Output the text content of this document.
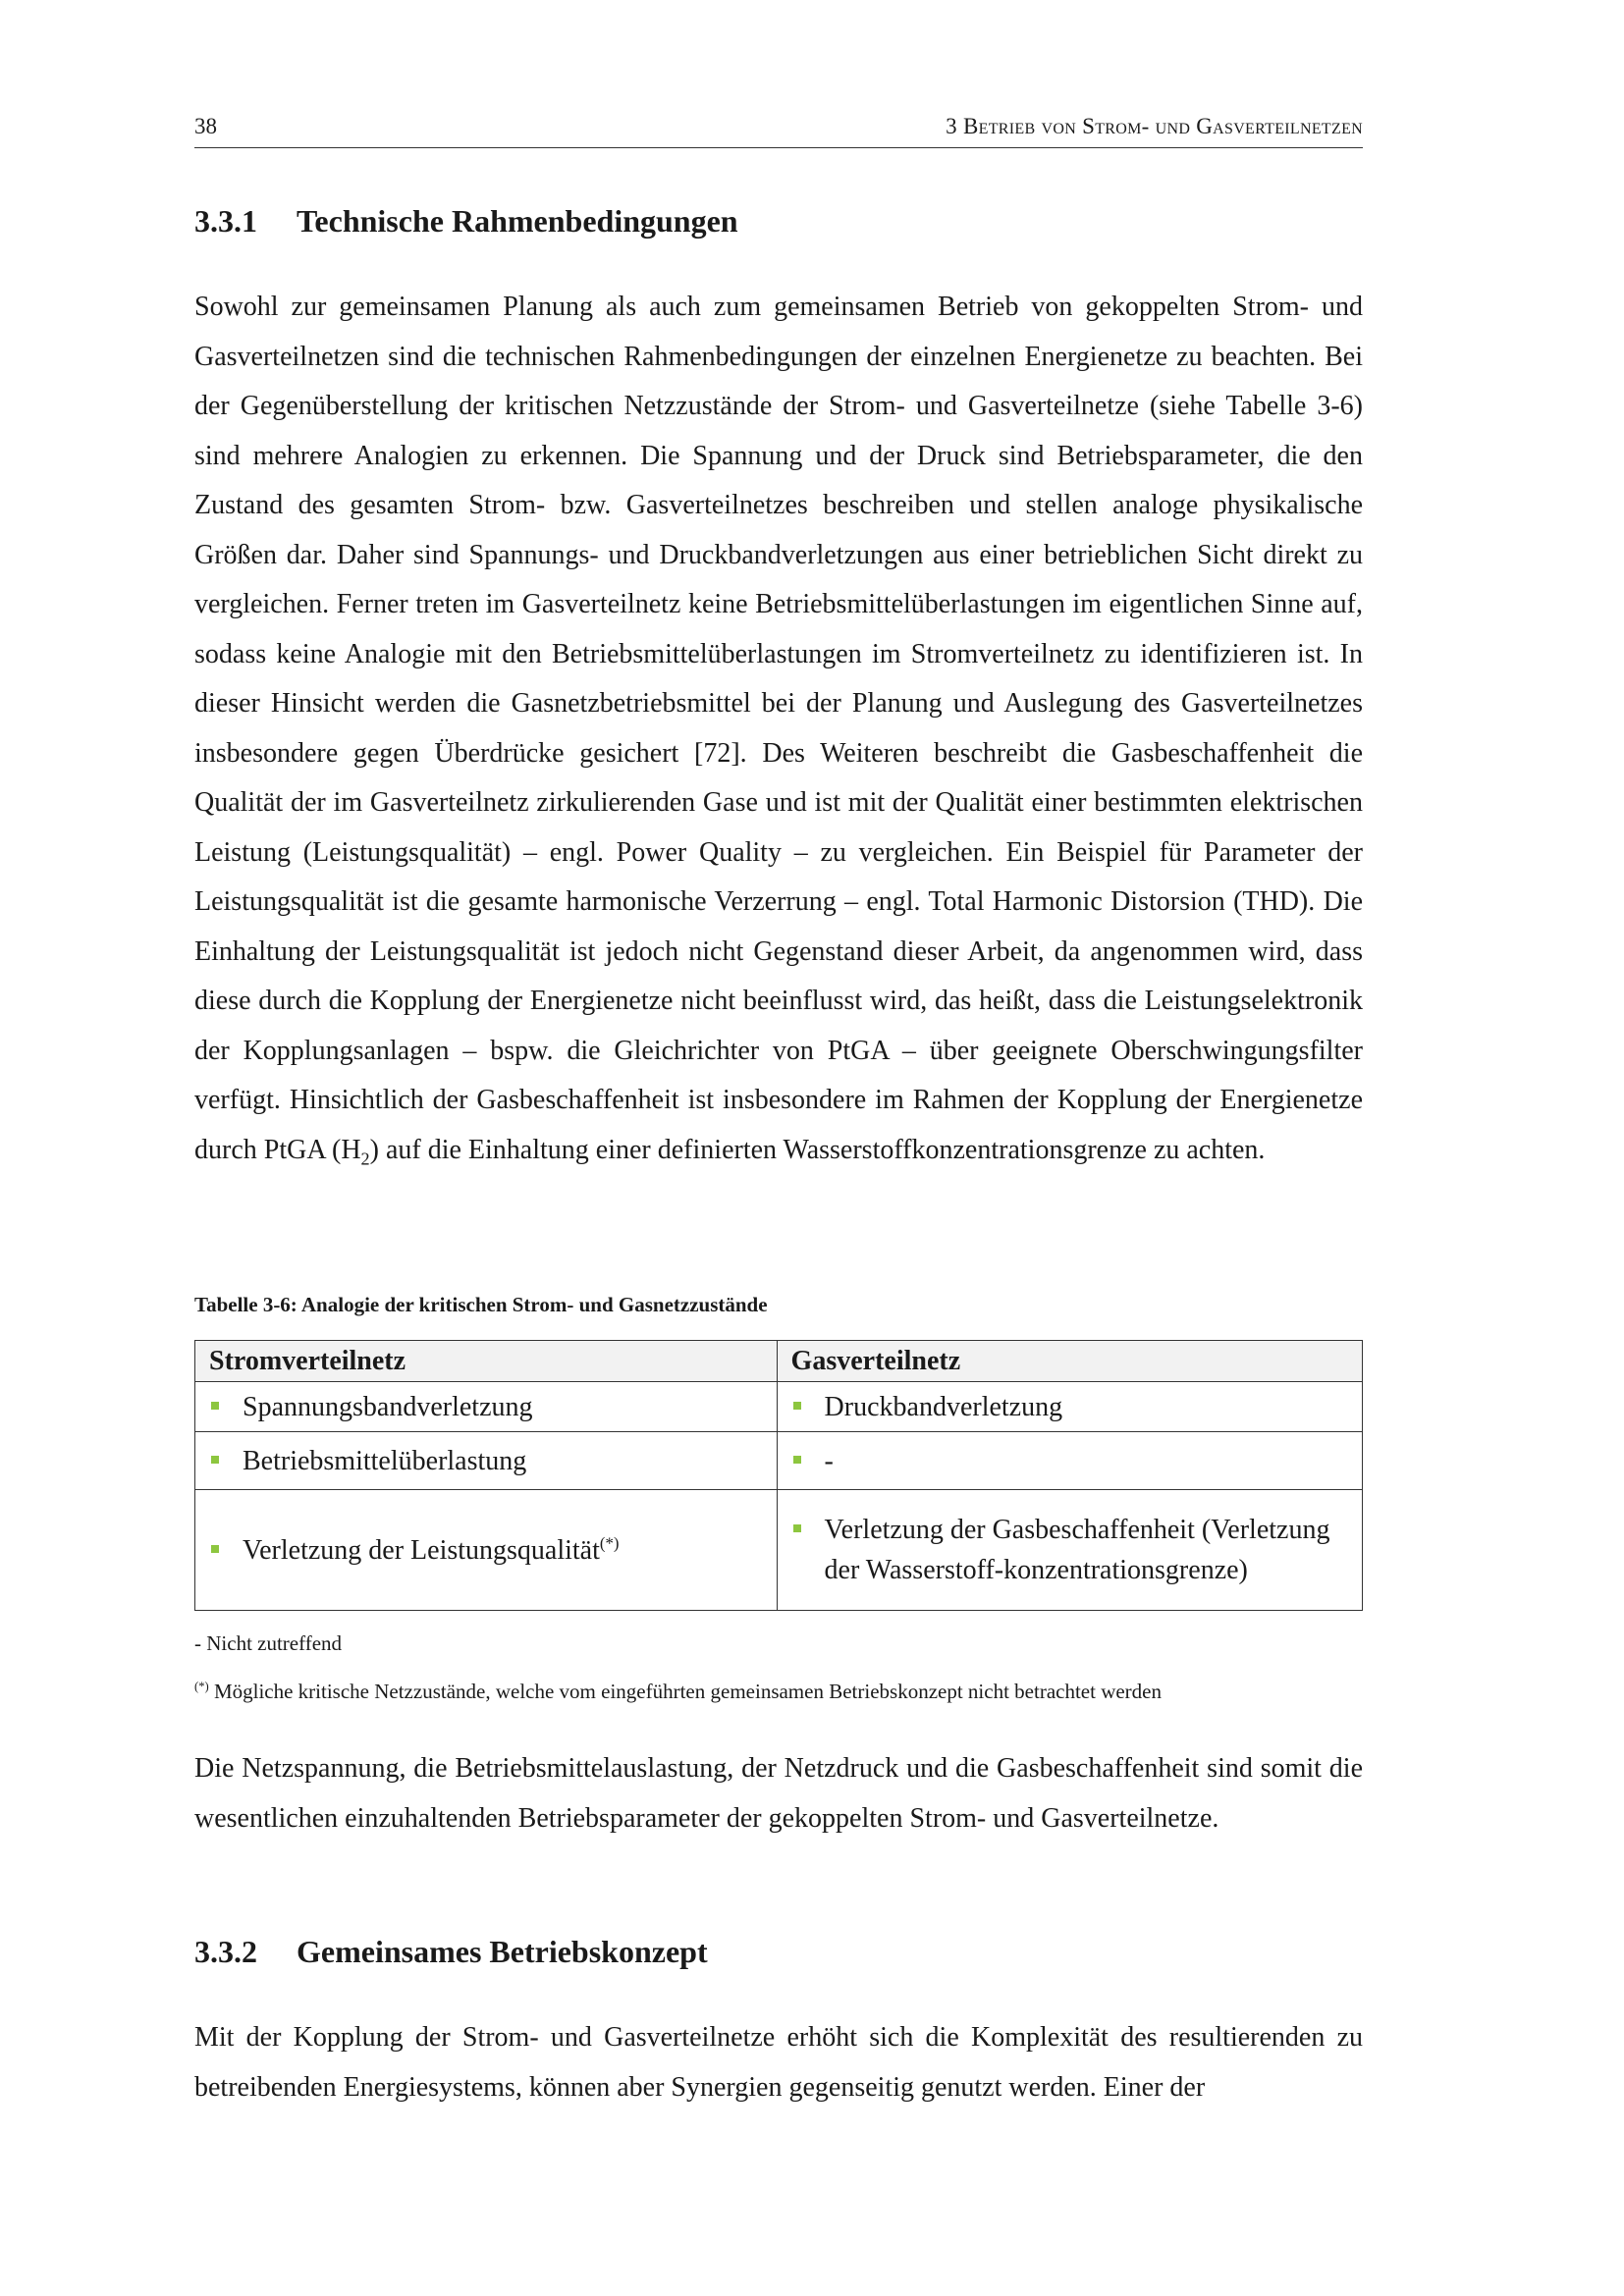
38	3 Betrieb von Strom- und Gasverteilnetzen
3.3.1 Technische Rahmenbedingungen

Sowohl zur gemeinsamen Planung als auch zum gemeinsamen Betrieb von gekoppelten Strom- und Gasverteilnetzen sind die technischen Rahmenbedingungen der einzelnen Energienetze zu beachten. Bei der Gegenüberstellung der kritischen Netzzustände der Strom- und Gasverteilnetze (siehe Tabelle 3-6) sind mehrere Analogien zu erkennen. Die Spannung und der Druck sind Betriebsparameter, die den Zustand des gesamten Strom- bzw. Gasverteilnetzes beschreiben und stellen analoge physikalische Größen dar. Daher sind Spannungs- und Druckbandverletzungen aus einer betrieblichen Sicht direkt zu vergleichen. Ferner treten im Gasverteilnetz keine Betriebsmittelüberlastungen im eigentlichen Sinne auf, sodass keine Analogie mit den Betriebsmittelüberlastungen im Stromverteilnetz zu identifizieren ist. In dieser Hinsicht werden die Gasnetzbetriebsmittel bei der Planung und Auslegung des Gasverteilnetzes insbesondere gegen Überdrücke gesichert [72]. Des Weiteren beschreibt die Gasbeschaffenheit die Qualität der im Gasverteilnetz zirkulierenden Gase und ist mit der Qualität einer bestimmten elektrischen Leistung (Leistungsqualität) – engl. Power Quality – zu vergleichen. Ein Beispiel für Parameter der Leistungsqualität ist die gesamte harmonische Verzerrung – engl. Total Harmonic Distorsion (THD). Die Einhaltung der Leistungsqualität ist jedoch nicht Gegenstand dieser Arbeit, da angenommen wird, dass diese durch die Kopplung der Energienetze nicht beeinflusst wird, das heißt, dass die Leistungselektronik der Kopplungsanlagen – bspw. die Gleichrichter von PtGA – über geeignete Oberschwingungsfilter verfügt. Hinsichtlich der Gasbeschaffenheit ist insbesondere im Rahmen der Kopplung der Energienetze durch PtGA $(H_2)$ auf die Einhaltung einer definierten Wasserstoffkonzentrationsgrenze zu achten.

Tabelle 3-6: Analogie der kritischen Strom- und Gasnetzzustände

Stromverteilnetz	Gasverteilnetz

Spannungsbandverletzung	Druckbandverletzung

Betriebsmittelüberlastung	-

Verletzung der Leistungsqualität(*)	Verletzung der Gasbeschaffenheit (Verletzung der Wasserstoff-konzentrationsgrenze)

- Nicht zutreffend

(*) Mögliche kritische Netzzustände, welche vom eingeführten gemeinsamen Betriebskonzept nicht betrachtet werden

Die Netzspannung, die Betriebsmittelauslastung, der Netzdruck und die Gasbeschaffenheit sind somit die wesentlichen einzuhaltenden Betriebsparameter der gekoppelten Strom- und Gasverteilnetze.

3.3.2 Gemeinsames Betriebskonzept

Mit der Kopplung der Strom- und Gasverteilnetze erhöht sich die Komplexität des resultierenden zu betreibenden Energiesystems, können aber Synergien gegenseitig genutzt werden. Einer der
